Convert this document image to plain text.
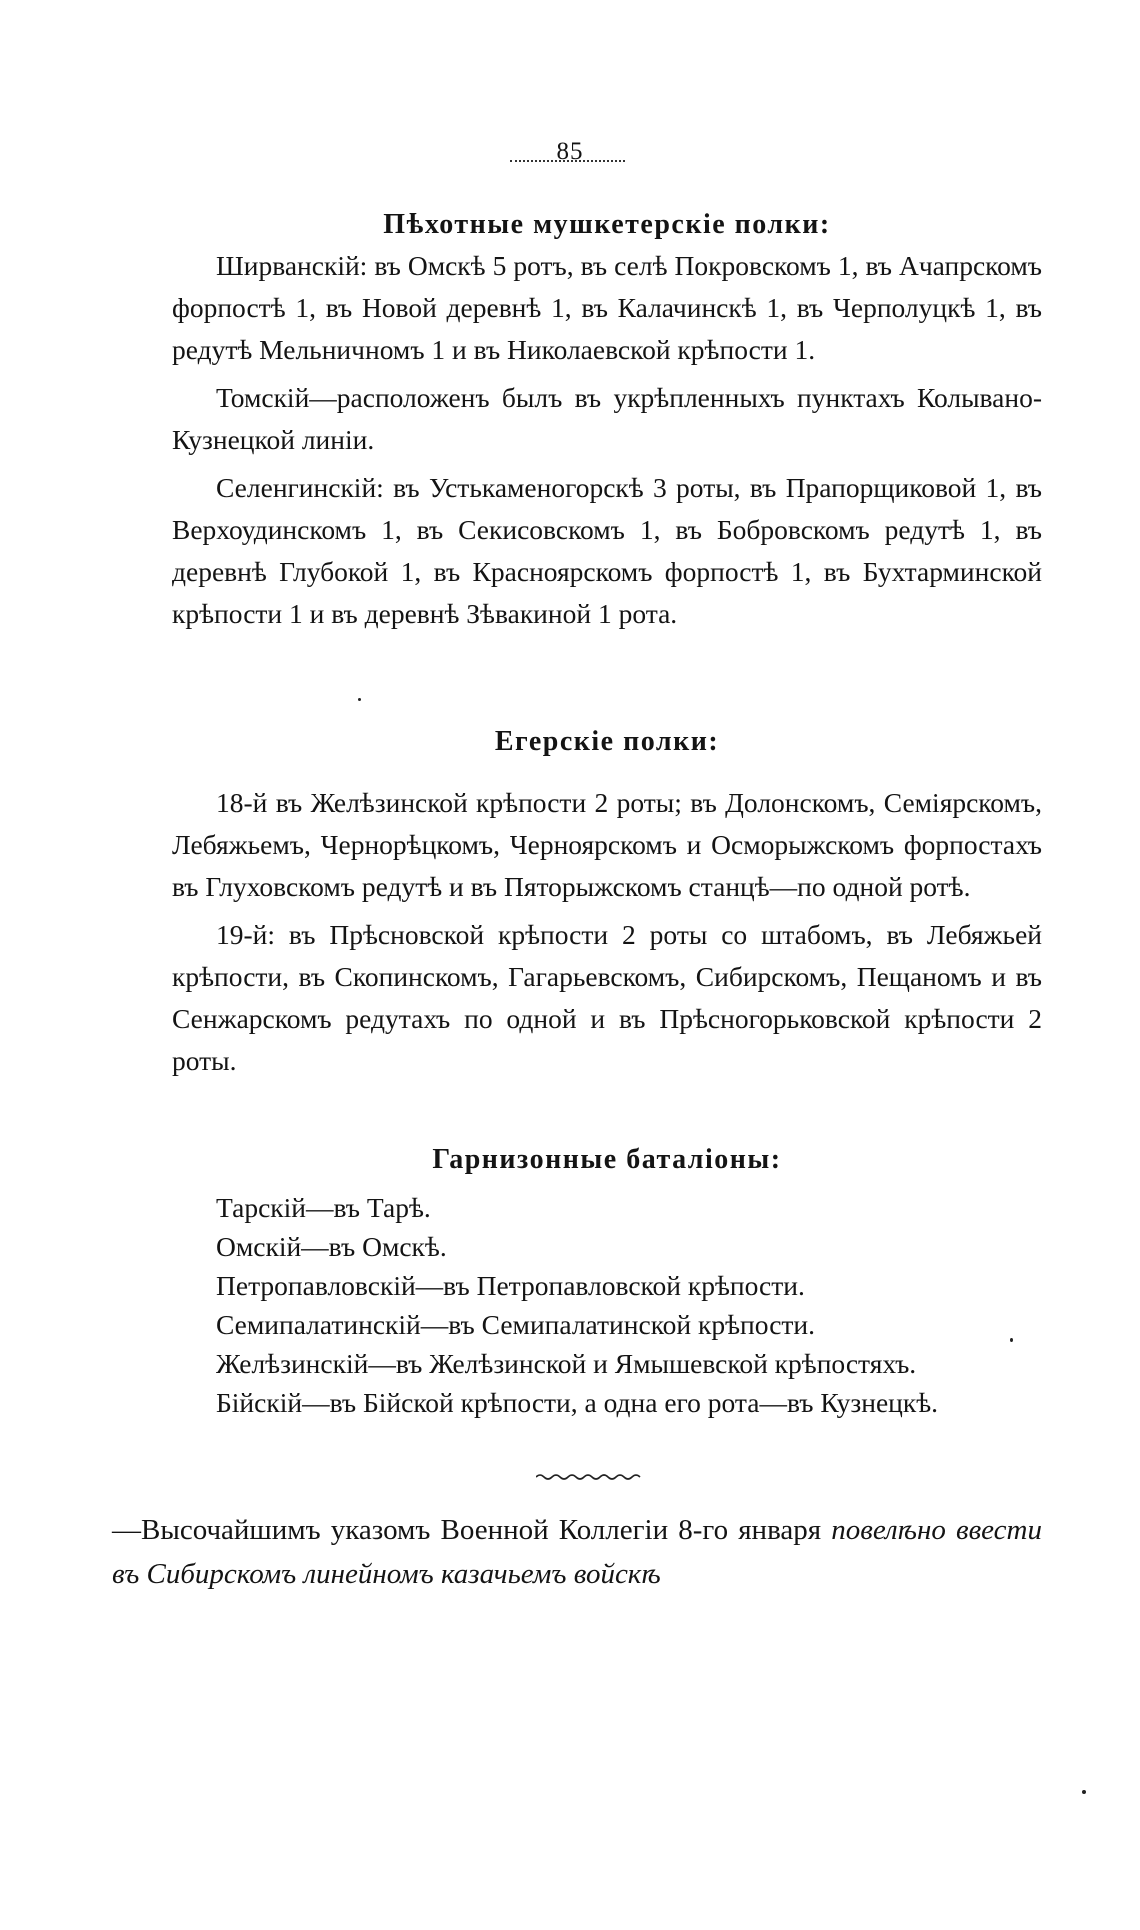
85
Пѣхотные мушкетерскіе полки:

Ширванскій: въ Омскѣ 5 ротъ, въ селѣ Покровскомъ 1, въ Ачапрскомъ форпостѣ 1, въ Новой деревнѣ 1, въ Калачинскѣ 1, въ Черполуцкѣ 1, въ редутѣ Мельничномъ 1 и въ Николаевской крѣпости 1.

Томскій—расположенъ былъ въ укрѣпленныхъ пунктахъ Колывано-Кузнецкой линіи.

Селенгинскій: въ Устькаменогорскѣ 3 роты, въ Прапорщиковой 1, въ Верхоудинскомъ 1, въ Секисовскомъ 1, въ Бобровскомъ редутѣ 1, въ деревнѣ Глубокой 1, въ Красноярскомъ форпостѣ 1, въ Бухтарминской крѣпости 1 и въ деревнѣ Зѣвакиной 1 рота.

Егерскіе полки:

18-й въ Желѣзинской крѣпости 2 роты; въ Долонскомъ, Семіярскомъ, Лебяжьемъ, Чернорѣцкомъ, Черноярскомъ и Осморыжскомъ форпостахъ въ Глуховскомъ редутѣ и въ Пяторыжскомъ станцѣ—по одной ротѣ.

19-й: въ Прѣсновской крѣпости 2 роты со штабомъ, въ Лебяжьей крѣпости, въ Скопинскомъ, Гагарьевскомъ, Сибирскомъ, Пещаномъ и въ Сенжарскомъ редутахъ по одной и въ Прѣсногорьковской крѣпости 2 роты.

Гарнизонные баталіоны:

Тарскій—въ Тарѣ.

Омскій—въ Омскѣ.

Петропавловскій—въ Петропавловской крѣпости.

Семипалатинскій—въ Семипалатинской крѣпости.

Желѣзинскій—въ Желѣзинской и Ямышевской крѣпостяхъ.

Бійскій—въ Бійской крѣпости, а одна его рота—въ Кузнецкѣ.

—Высочайшимъ указомъ Военной Коллегіи 8-го января повелѣно ввести въ Сибирскомъ линейномъ казачьемъ войскѣ
